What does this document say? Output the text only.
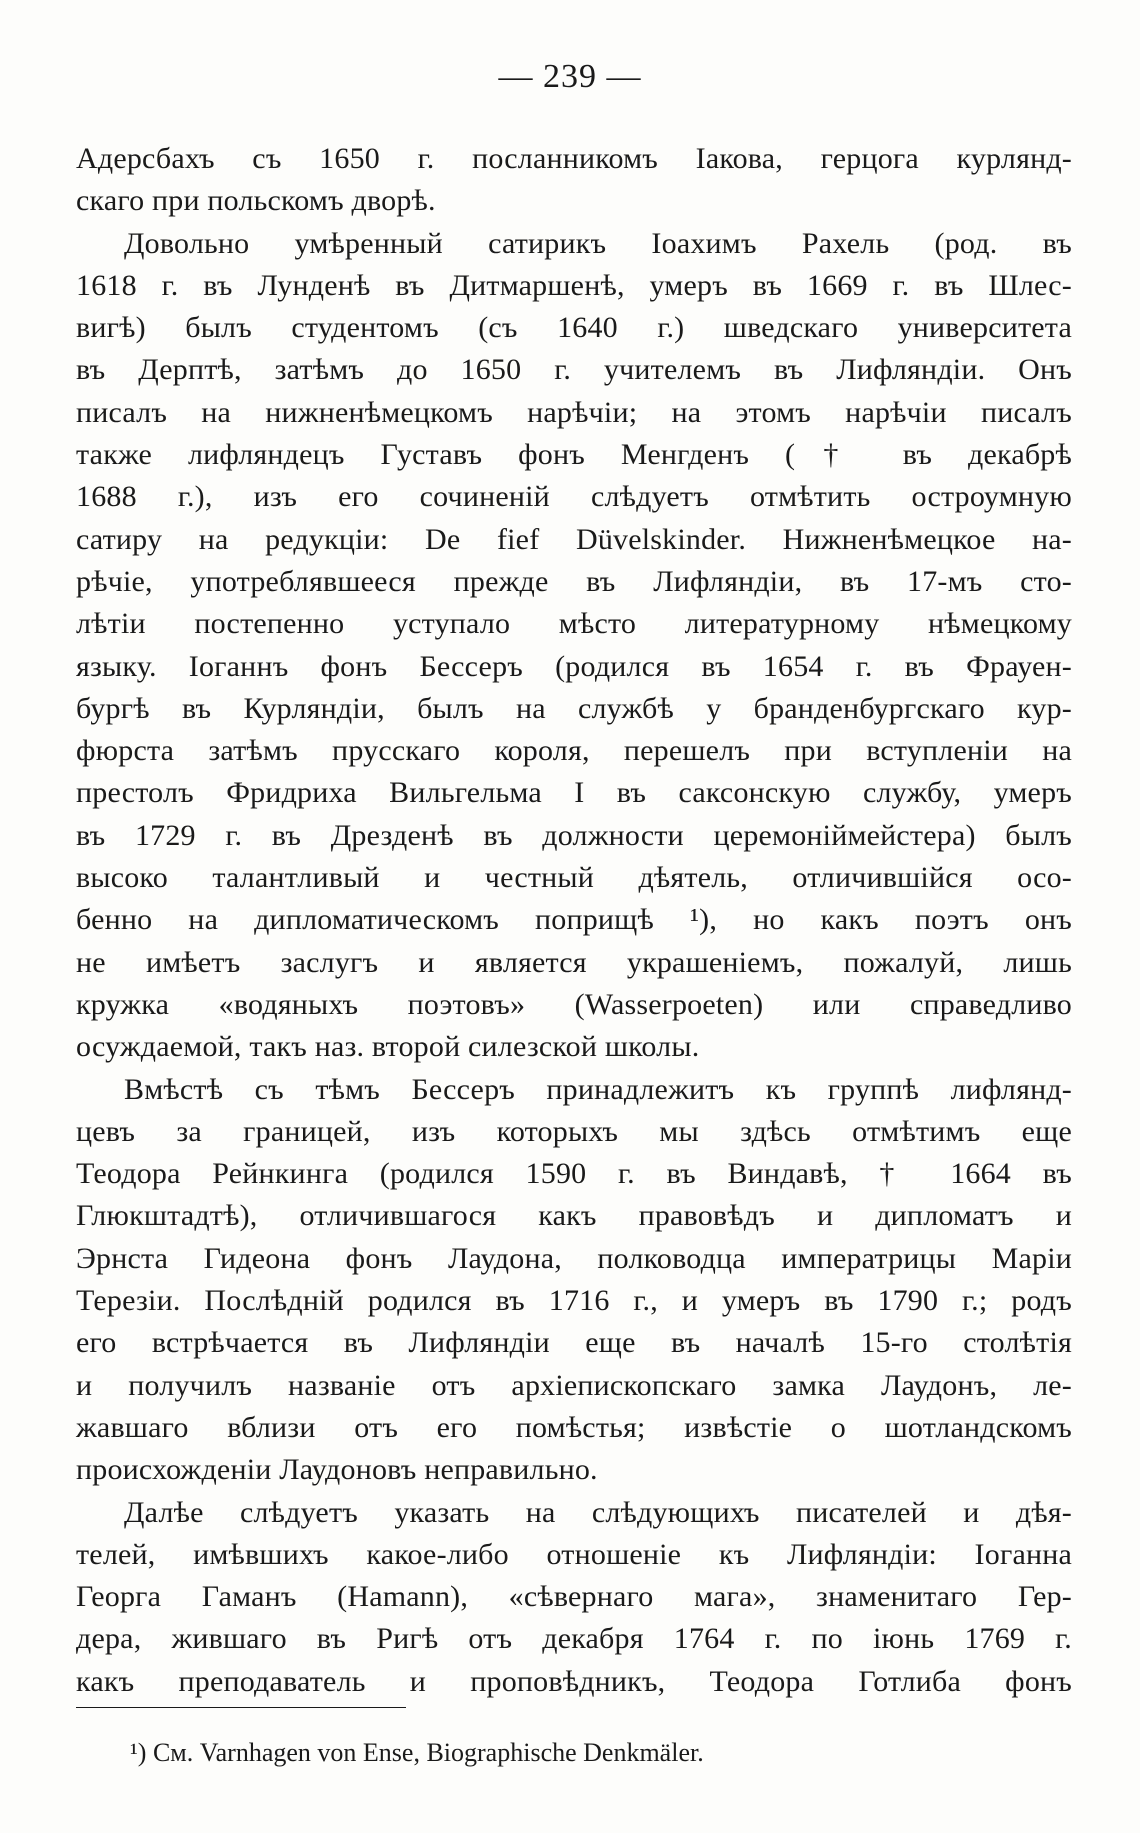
— 239 —

Адерсбахъ съ 1650 г. посланникомъ Іакова, герцога курлянд-
скаго при польскомъ дворѣ.

Довольно умѣренный сатирикъ Іоахимъ Рахель (род. въ
1618 г. въ Лунденѣ въ Дитмаршенѣ, умеръ въ 1669 г. въ Шлес-
вигѣ) былъ студентомъ (съ 1640 г.) шведскаго университета
въ Дерптѣ, затѣмъ до 1650 г. учителемъ въ Лифляндіи. Онъ
писалъ на нижненѣмецкомъ нарѣчіи; на этомъ нарѣчіи писалъ
также лифляндецъ Густавъ фонъ Менгденъ († въ декабрѣ
1688 г.), изъ его сочиненій слѣдуетъ отмѣтить остроумную
сатиру на редукціи: De fief Düvelskinder. Нижненѣмецкое на-
рѣчіе, употреблявшееся прежде въ Лифляндіи, въ 17-мъ сто-
лѣтіи постепенно уступало мѣсто литературному нѣмецкому
языку. Іоганнъ фонъ Бессеръ (родился въ 1654 г. въ Фрауен-
бургѣ въ Курляндіи, былъ на службѣ у бранденбургскаго кур-
фюрста затѣмъ прусскаго короля, перешелъ при вступленіи на
престолъ Фридриха Вильгельма I въ саксонскую службу, умеръ
въ 1729 г. въ Дрезденѣ въ должности церемоніймейстера) былъ
высоко талантливый и честный дѣятель, отличившійся осо-
бенно на дипломатическомъ поприщѣ ¹), но какъ поэтъ онъ
не имѣетъ заслугъ и является украшеніемъ, пожалуй, лишь
кружка «водяныхъ поэтовъ» (Wasserpoeten) или справедливо
осуждаемой, такъ наз. второй силезской школы.

Вмѣстѣ съ тѣмъ Бессеръ принадлежитъ къ группѣ лифлянд-
цевъ за границей, изъ которыхъ мы здѣсь отмѣтимъ еще
Теодора Рейнкинга (родился 1590 г. въ Виндавѣ, † 1664 въ
Глюкштадтѣ), отличившагося какъ правовѣдъ и дипломатъ и
Эрнста Гидеона фонъ Лаудона, полководца императрицы Маріи
Терезіи. Послѣдній родился въ 1716 г., и умеръ въ 1790 г.; родъ
его встрѣчается въ Лифляндіи еще въ началѣ 15-го столѣтія
и получилъ названіе отъ архіепископскаго замка Лаудонъ, ле-
жавшаго вблизи отъ его помѣстья; извѣстіе о шотландскомъ
происхожденіи Лаудоновъ неправильно.

Далѣе слѣдуетъ указать на слѣдующихъ писателей и дѣя-
телей, имѣвшихъ какое-либо отношеніе къ Лифляндіи: Іоганна
Георга Гаманъ (Hamann), «сѣвернаго мага», знаменитаго Гер-
дера, жившаго въ Ригѣ отъ декабря 1764 г. по іюнь 1769 г.
какъ преподаватель и проповѣдникъ, Теодора Готлиба фонъ

¹) См. Varnhagen von Ense, Biographische Denkmäler.
